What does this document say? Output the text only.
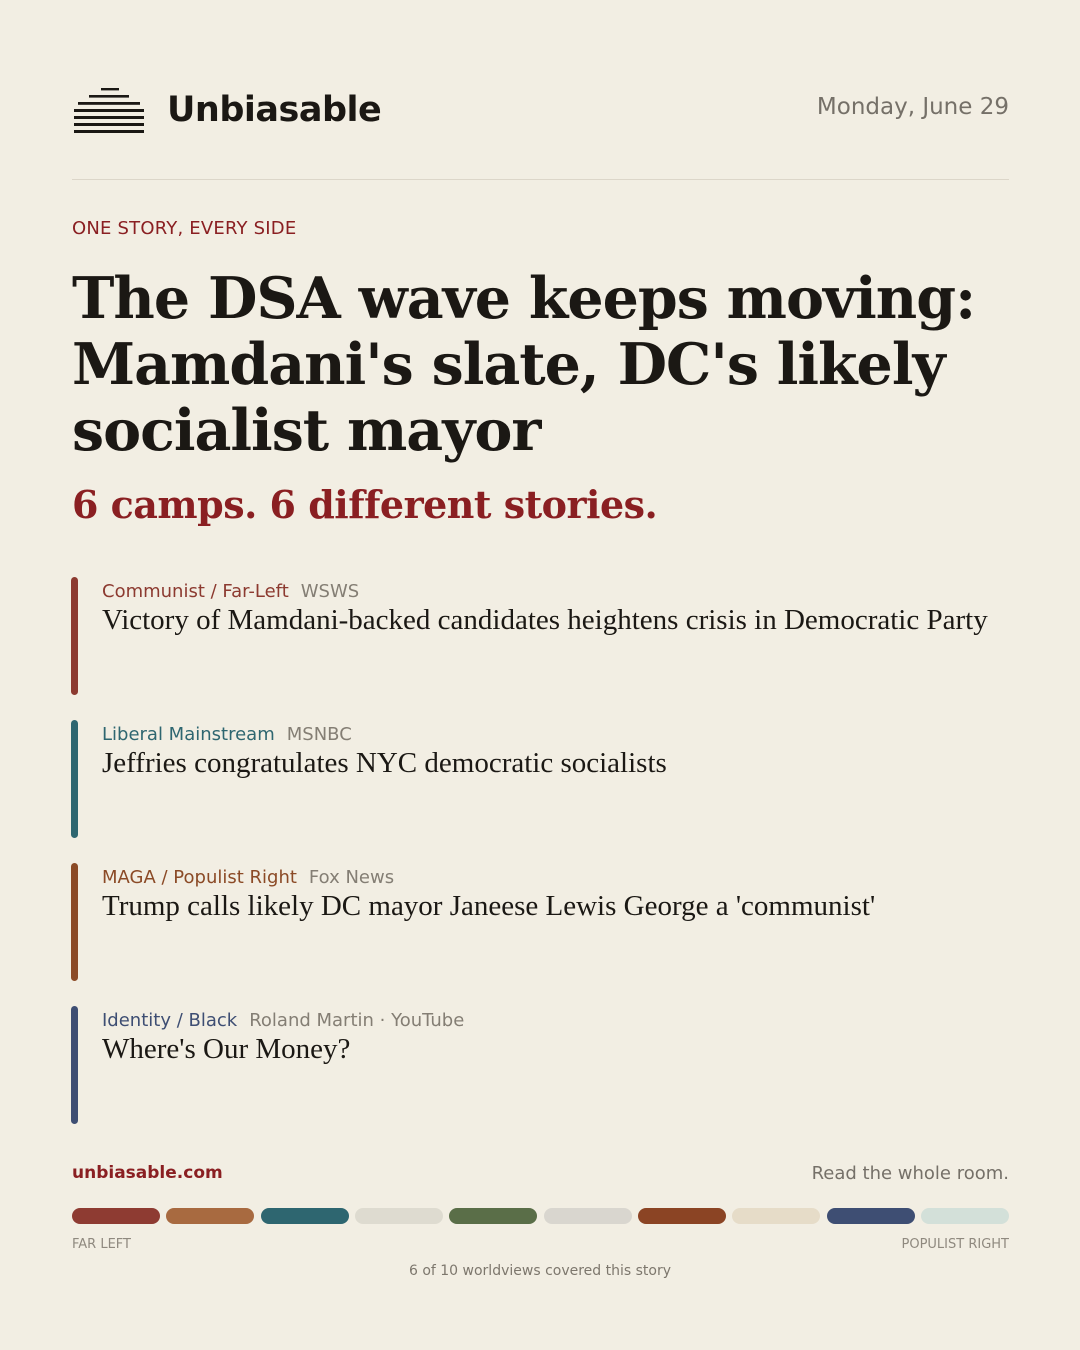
Unbiasable	Monday, June 29
ONE STORY, EVERY SIDE
The DSA wave keeps moving: Mamdani's slate, DC's likely socialist mayor
6 camps. 6 different stories.
Communist / Far-Left WSWS
Victory of Mamdani-backed candidates heightens crisis in Democratic Party
Liberal Mainstream MSNBC
Jeffries congratulates NYC democratic socialists
MAGA / Populist Right Fox News
Trump calls likely DC mayor Janeese Lewis George a 'communist'
Identity / Black Roland Martin · YouTube
Where's Our Money?
unbiasable.com	Read the whole room.
FAR LEFT	POPULIST RIGHT
6 of 10 worldviews covered this story
